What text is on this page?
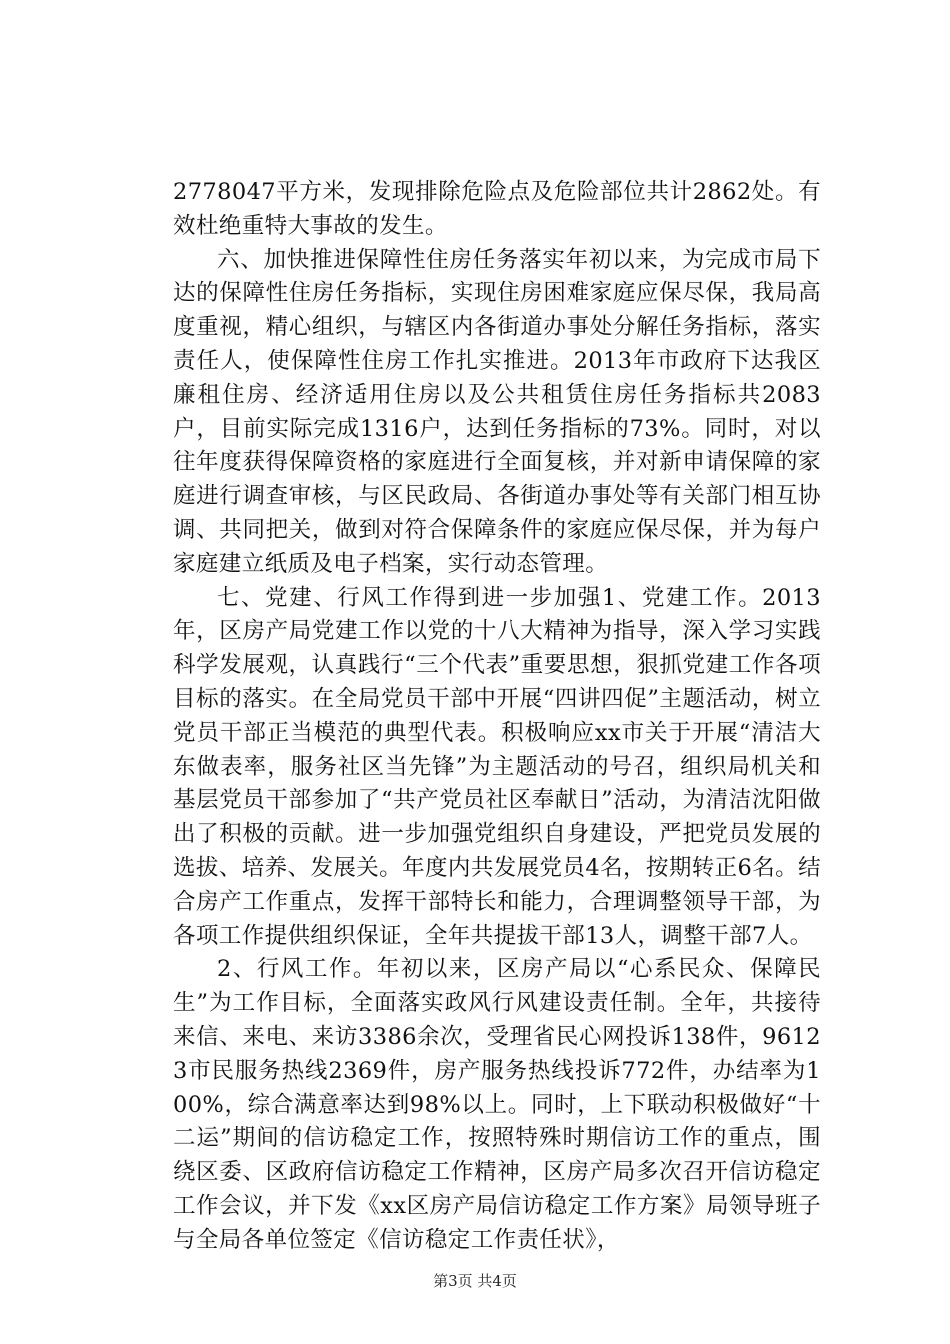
2778047平方米，发现排除危险点及危险部位共计2862处。有效杜绝重特大事故的发生。

六、加快推进保障性住房任务落实年初以来，为完成市局下达的保障性住房任务指标，实现住房困难家庭应保尽保，我局高度重视，精心组织，与辖区内各街道办事处分解任务指标，落实责任人，使保障性住房工作扎实推进。2013年市政府下达我区廉租住房、经济适用住房以及公共租赁住房任务指标共2083户，目前实际完成1316户，达到任务指标的73%。同时，对以往年度获得保障资格的家庭进行全面复核，并对新申请保障的家庭进行调查审核，与区民政局、各街道办事处等有关部门相互协调、共同把关，做到对符合保障条件的家庭应保尽保，并为每户家庭建立纸质及电子档案，实行动态管理。

七、党建、行风工作得到进一步加强1、党建工作。2013年，区房产局党建工作以党的十八大精神为指导，深入学习实践科学发展观，认真践行“三个代表”重要思想，狠抓党建工作各项目标的落实。在全局党员干部中开展“四讲四促”主题活动，树立党员干部正当模范的典型代表。积极响应xx市关于开展“清洁大东做表率，服务社区当先锋”为主题活动的号召，组织局机关和基层党员干部参加了“共产党员社区奉献日”活动，为清洁沈阳做出了积极的贡献。进一步加强党组织自身建设，严把党员发展的选拔、培养、发展关。年度内共发展党员4名，按期转正6名。结合房产工作重点，发挥干部特长和能力，合理调整领导干部，为各项工作提供组织保证，全年共提拔干部13人，调整干部7人。

2、行风工作。年初以来，区房产局以“心系民众、保障民生”为工作目标，全面落实政风行风建设责任制。全年，共接待来信、来电、来访3386余次，受理省民心网投诉138件，96123市民服务热线2369件，房产服务热线投诉772件，办结率为100%，综合满意率达到98%以上。同时，上下联动积极做好“十二运”期间的信访稳定工作，按照特殊时期信访工作的重点，围绕区委、区政府信访稳定工作精神，区房产局多次召开信访稳定工作会议，并下发《xx区房产局信访稳定工作方案》局领导班子与全局各单位签定《信访稳定工作责任状》，

第3页 共4页
